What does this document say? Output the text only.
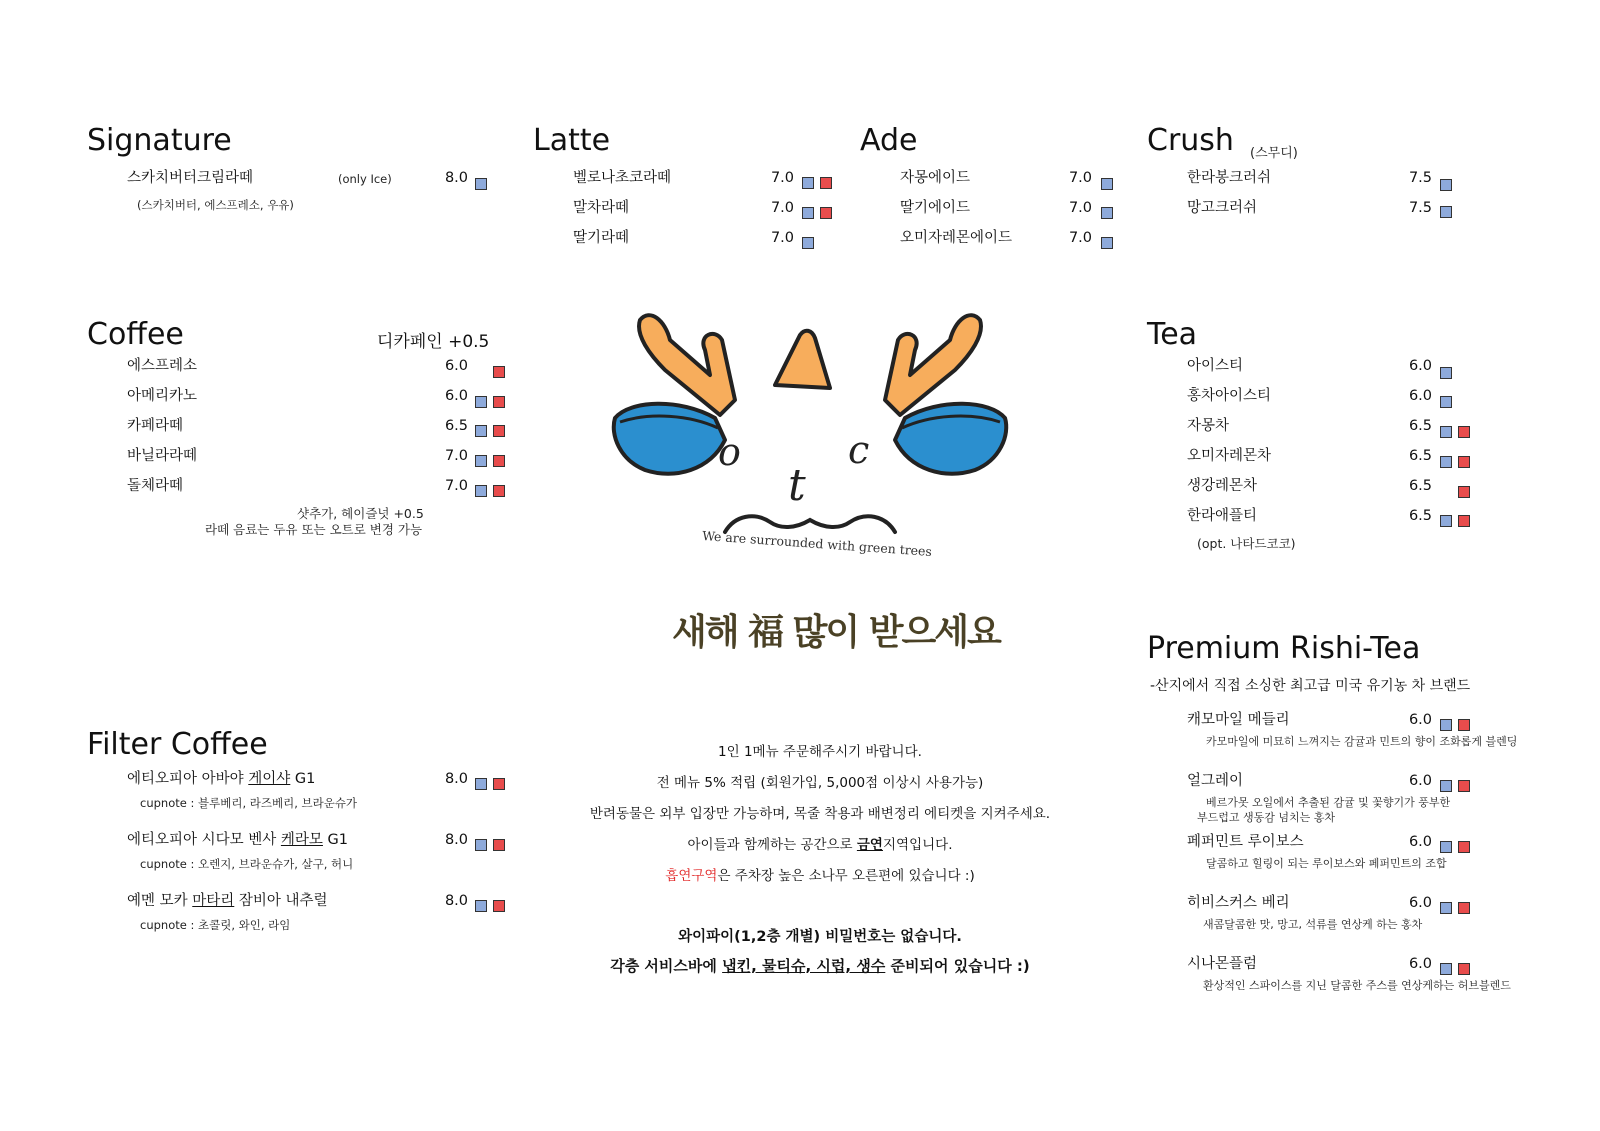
Signature
스카치버터크림라떼	(only Ice)	8.0
(스카치버터, 에스프레소, 우유)
Latte
벨로나초코라떼	7.0
말차라떼	7.0
딸기라떼	7.0
Ade
자몽에이드	7.0
딸기에이드	7.0
오미자레몬에이드	7.0
Crush (스무디)
한라봉크러쉬	7.5
망고크러쉬	7.5
Coffee	디카페인 +0.5
에스프레소	6.0
아메리카노	6.0
카페라떼	6.5
바닐라라떼	7.0
돌체라떼	7.0
샷추가, 헤이즐넛 +0.5
라떼 음료는 두유 또는 오트로 변경 가능
Tea
아이스티	6.0
홍차아이스티	6.0
자몽차	6.5
오미자레몬차	6.5
생강레몬차	6.5
한라애플티	6.5
(opt. 나타드코코)
o
t
c
We are surrounded with green trees
새해 福 많이 받으세요
Filter Coffee
에티오피아 아바야 게이샤 G1	8.0
cupnote : 블루베리, 라즈베리, 브라운슈가
에티오피아 시다모 벤사 케라모 G1	8.0
cupnote : 오렌지, 브라운슈가, 살구, 허니
예멘 모카 마타리 잠비아 내추럴	8.0
cupnote : 초콜릿, 와인, 라임
1인 1메뉴 주문해주시기 바랍니다.
전 메뉴 5% 적립 (회원가입, 5,000점 이상시 사용가능)
반려동물은 외부 입장만 가능하며, 목줄 착용과 배변정리 에티켓을 지켜주세요.
아이들과 함께하는 공간으로 금연지역입니다.
흡연구역은 주차장 높은 소나무 오른편에 있습니다 :)
와이파이(1,2층 개별) 비밀번호는 없습니다.
각층 서비스바에 냅킨, 물티슈, 시럽, 생수 준비되어 있습니다 :)
Premium Rishi-Tea
-산지에서 직접 소싱한 최고급 미국 유기농 차 브랜드
캐모마일 메들리	6.0
카모마일에 미묘히 느껴지는 감귤과 민트의 향이 조화롭게 블렌딩
얼그레이	6.0
베르가못 오일에서 추출된 감귤 및 꽃향기가 풍부한
부드럽고 생동감 넘치는 홍차
페퍼민트 루이보스	6.0
달콤하고 힐링이 되는 루이보스와 페퍼민트의 조합
히비스커스 베리	6.0
새콤달콤한 맛, 망고, 석류를 연상케 하는 홍차
시나몬플럼	6.0
환상적인 스파이스를 지닌 달콤한 주스를 연상케하는 허브블렌드
